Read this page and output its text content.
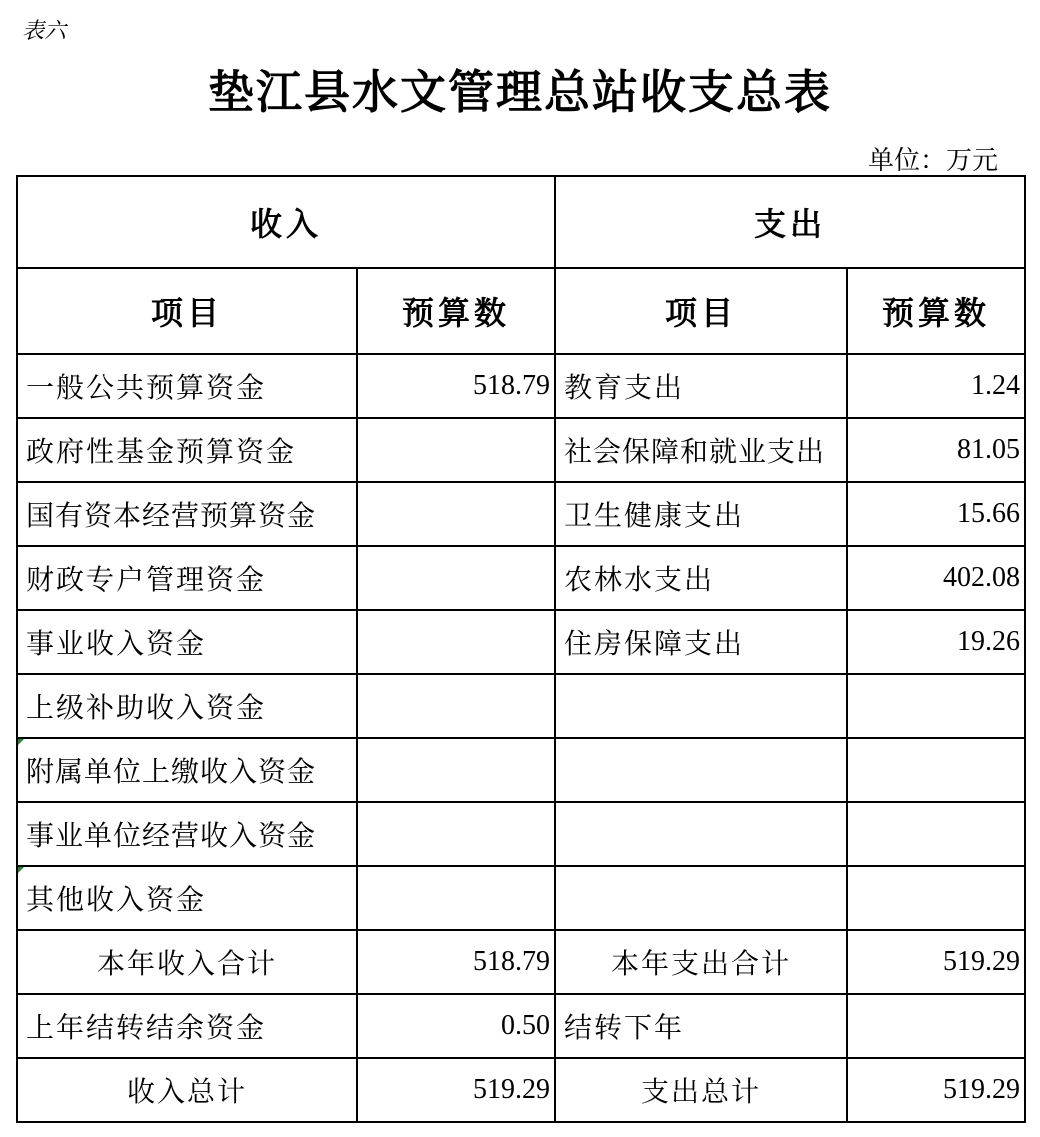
表六
垫江县水文管理总站收支总表
单位：万元
收入		支出	
项目	预算数	项目	预算数
一般公共预算资金	518.79	教育支出	1.24
政府性基金预算资金		社会保障和就业支出	81.05
国有资本经营预算资金		卫生健康支出	15.66
财政专户管理资金		农林水支出	402.08
事业收入资金		住房保障支出	19.26
上级补助收入资金			
附属单位上缴收入资金			
事业单位经营收入资金			
其他收入资金			
本年收入合计	518.79	本年支出合计	519.29
上年结转结余资金	0.50	结转下年	
收入总计	519.29	支出总计	519.29
